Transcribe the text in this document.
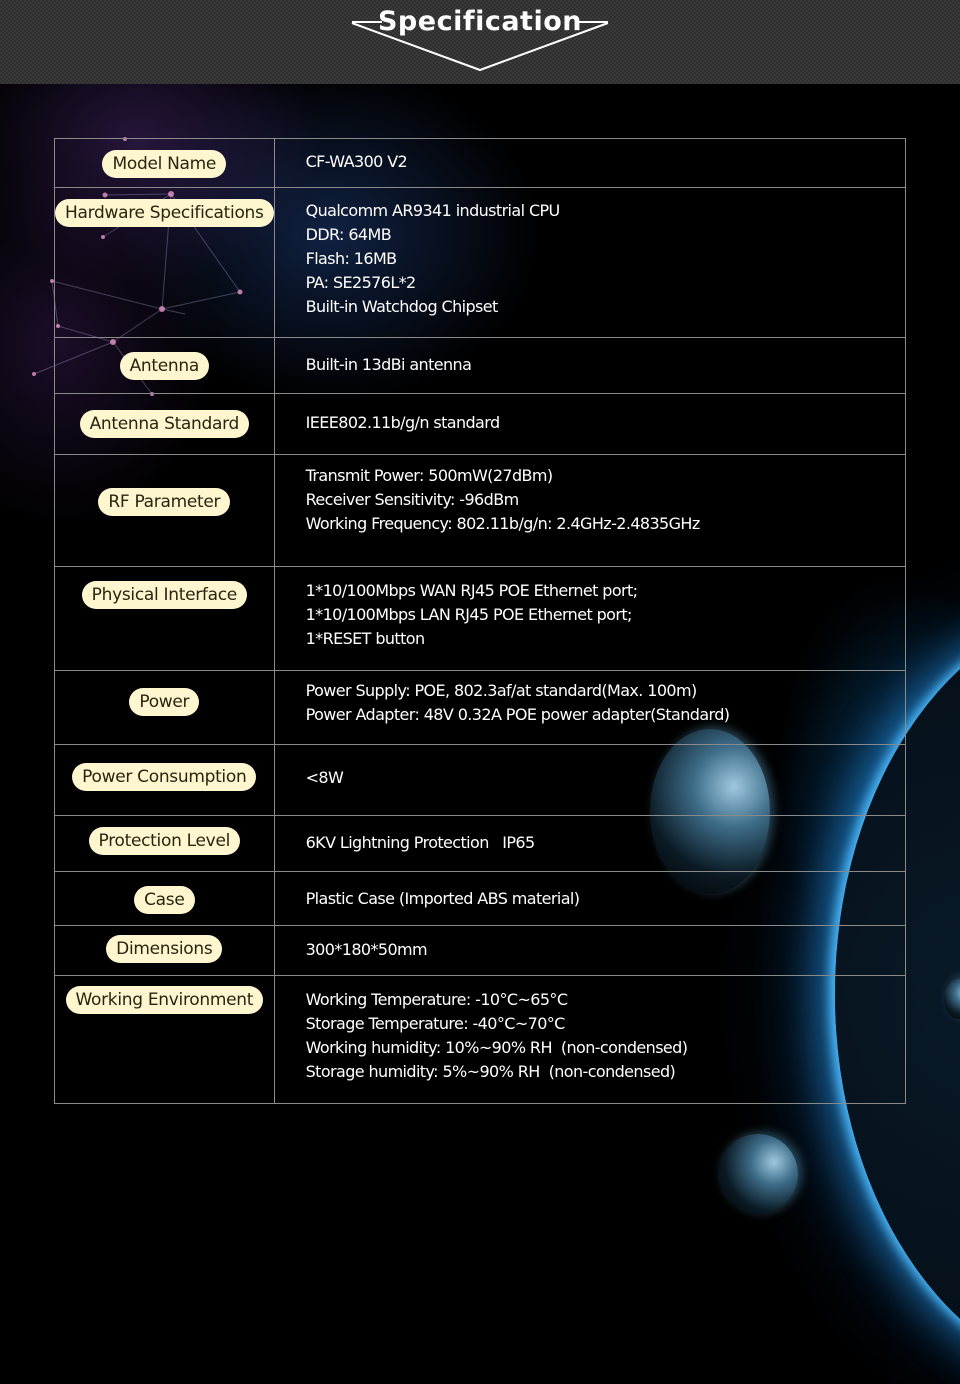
Specification
Model Name	CF-WA300 V2

Hardware Specifications	Qualcomm AR9341 industrial CPU
DDR: 64MB
Flash: 16MB
PA: SE2576L*2
Built-in Watchdog Chipset

Antenna	Built-in 13dBi antenna

Antenna Standard	IEEE802.11b/g/n standard

RF Parameter	Transmit Power: 500mW(27dBm)
Receiver Sensitivity: -96dBm
Working Frequency: 802.11b/g/n: 2.4GHz-2.4835GHz

Physical Interface	1*10/100Mbps WAN RJ45 POE Ethernet port;
1*10/100Mbps LAN RJ45 POE Ethernet port;
1*RESET button

Power	Power Supply: POE, 802.3af/at standard(Max. 100m)
Power Adapter: 48V 0.32A POE power adapter(Standard)

Power Consumption	<8W

Protection Level	6KV Lightning Protection   IP65

Case	Plastic Case (Imported ABS material)

Dimensions	300*180*50mm

Working Environment	Working Temperature: -10°C~65°C
Storage Temperature: -40°C~70°C
Working humidity: 10%~90% RH  (non-condensed)
Storage humidity: 5%~90% RH  (non-condensed)
